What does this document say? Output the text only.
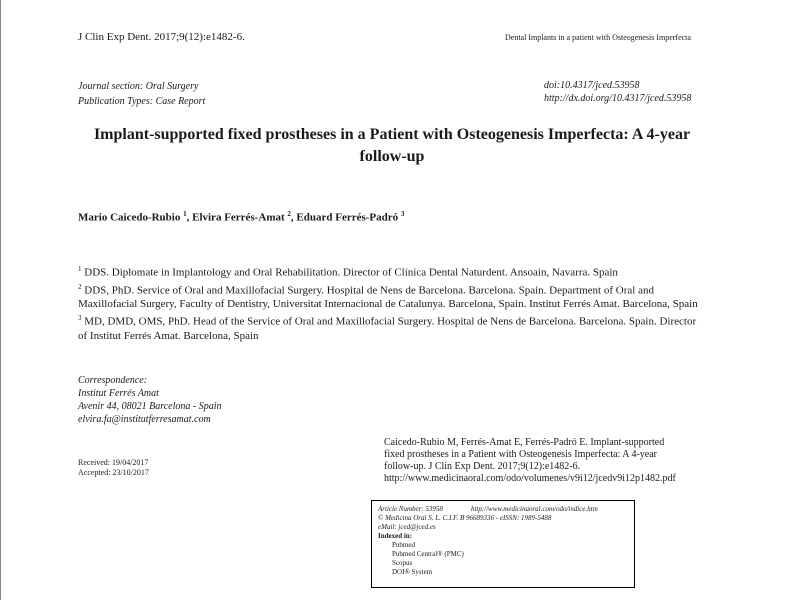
J Clin Exp Dent. 2017;9(12):e1482-6.	Dental Implants in a patient with Osteogenesis Imperfecta
Journal section: Oral Surgery
Publication Types: Case Report
doi:10.4317/jced.53958
http://dx.doi.org/10.4317/jced.53958
Implant-supported fixed prostheses in a Patient with Osteogenesis Imperfecta: A 4-year follow-up
Mario Caicedo-Rubio $^1$, Elvira Ferrés-Amat $^2$, Eduard Ferrés-Padró $^3$

$^1$ DDS. Diplomate in Implantology and Oral Rehabilitation. Director of Clínica Dental Naturdent. Ansoain, Navarra. Spain

$^2$ DDS, PhD. Service of Oral and Maxillofacial Surgery. Hospital de Nens de Barcelona. Barcelona. Spain. Department of Oral and Maxillofacial Surgery, Faculty of Dentistry, Universitat Internacional de Catalunya. Barcelona, Spain. Institut Ferrés Amat. Barcelona, Spain

$^3$ MD, DMD, OMS, PhD. Head of the Service of Oral and Maxillofacial Surgery. Hospital de Nens de Barcelona. Barcelona. Spain. Director of Institut Ferrés Amat. Barcelona, Spain

Correspondence:
Institut Ferrés Amat
Avenir 44, 08021 Barcelona - Spain
elvira.fa@institutferresamat.com
Received: 19/04/2017
Accepted: 23/10/2017
Caicedo-Rubio M, Ferrés-Amat E, Ferrés-Padró E. Implant-supported
fixed prostheses in a Patient with Osteogenesis Imperfecta: A 4-year
follow-up. J Clin Exp Dent. 2017;9(12):e1482-6.
http://www.medicinaoral.com/odo/volumenes/v9i12/jcedv9i12p1482.pdf
Article Number: 53958	http://www.medicinaoral.com/odo/indice.htm
© Medicina Oral S. L. C.I.F. B 96689336 - eISSN: 1989-5488
eMail: jced@jced.es
Indexed in:
Pubmed
Pubmed Central® (PMC)
Scopus
DOI® System
